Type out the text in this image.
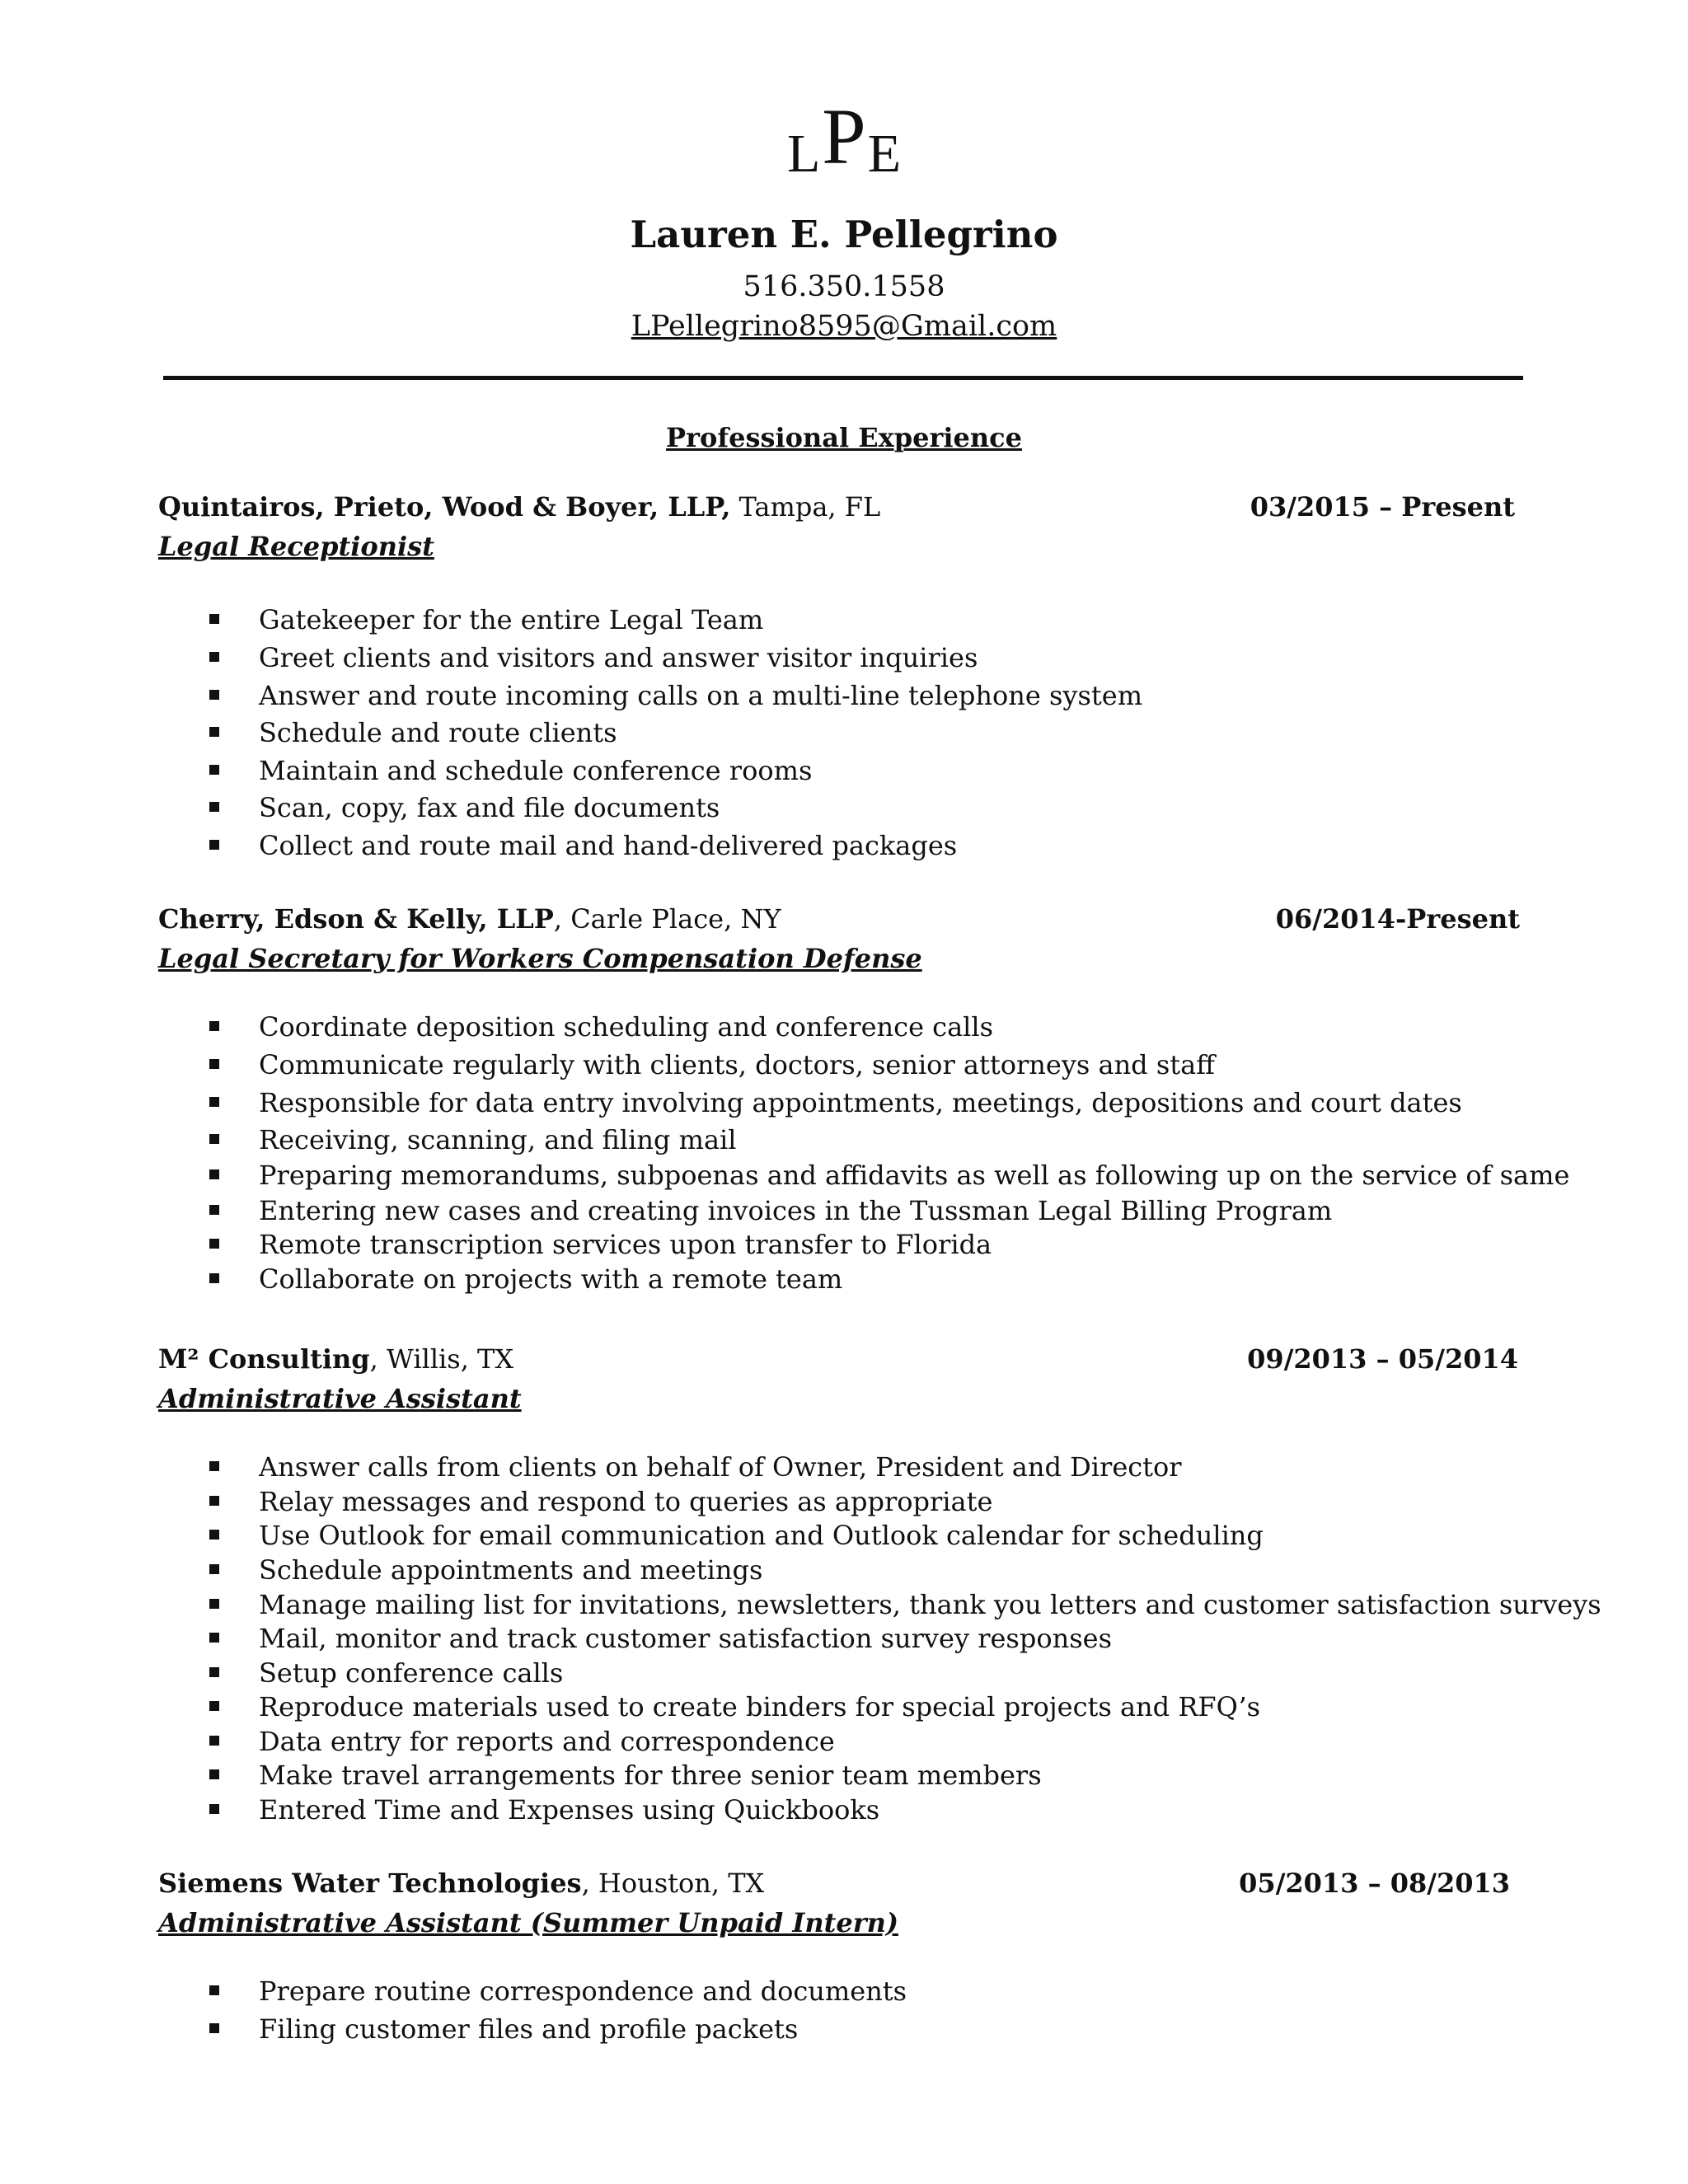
LPE
Lauren E. Pellegrino
516.350.1558
LPellegrino8595@Gmail.com
Professional Experience
Quintairos, Prieto, Wood & Boyer, LLP, Tampa, FL	03/2015 – Present
Legal Receptionist
Gatekeeper for the entire Legal Team
Greet clients and visitors and answer visitor inquiries
Answer and route incoming calls on a multi-line telephone system
Schedule and route clients
Maintain and schedule conference rooms
Scan, copy, fax and file documents
Collect and route mail and hand-delivered packages
Cherry, Edson & Kelly, LLP, Carle Place, NY	06/2014-Present
Legal Secretary for Workers Compensation Defense
Coordinate deposition scheduling and conference calls
Communicate regularly with clients, doctors, senior attorneys and staff
Responsible for data entry involving appointments, meetings, depositions and court dates
Receiving, scanning, and filing mail
Preparing memorandums, subpoenas and affidavits as well as following up on the service of same
Entering new cases and creating invoices in the Tussman Legal Billing Program
Remote transcription services upon transfer to Florida
Collaborate on projects with a remote team
M² Consulting, Willis, TX	09/2013 – 05/2014
Administrative Assistant
Answer calls from clients on behalf of Owner, President and Director
Relay messages and respond to queries as appropriate
Use Outlook for email communication and Outlook calendar for scheduling
Schedule appointments and meetings
Manage mailing list for invitations, newsletters, thank you letters and customer satisfaction surveys
Mail, monitor and track customer satisfaction survey responses
Setup conference calls
Reproduce materials used to create binders for special projects and RFQ’s
Data entry for reports and correspondence
Make travel arrangements for three senior team members
Entered Time and Expenses using Quickbooks
Siemens Water Technologies, Houston, TX	05/2013 – 08/2013
Administrative Assistant (Summer Unpaid Intern)
Prepare routine correspondence and documents
Filing customer files and profile packets
